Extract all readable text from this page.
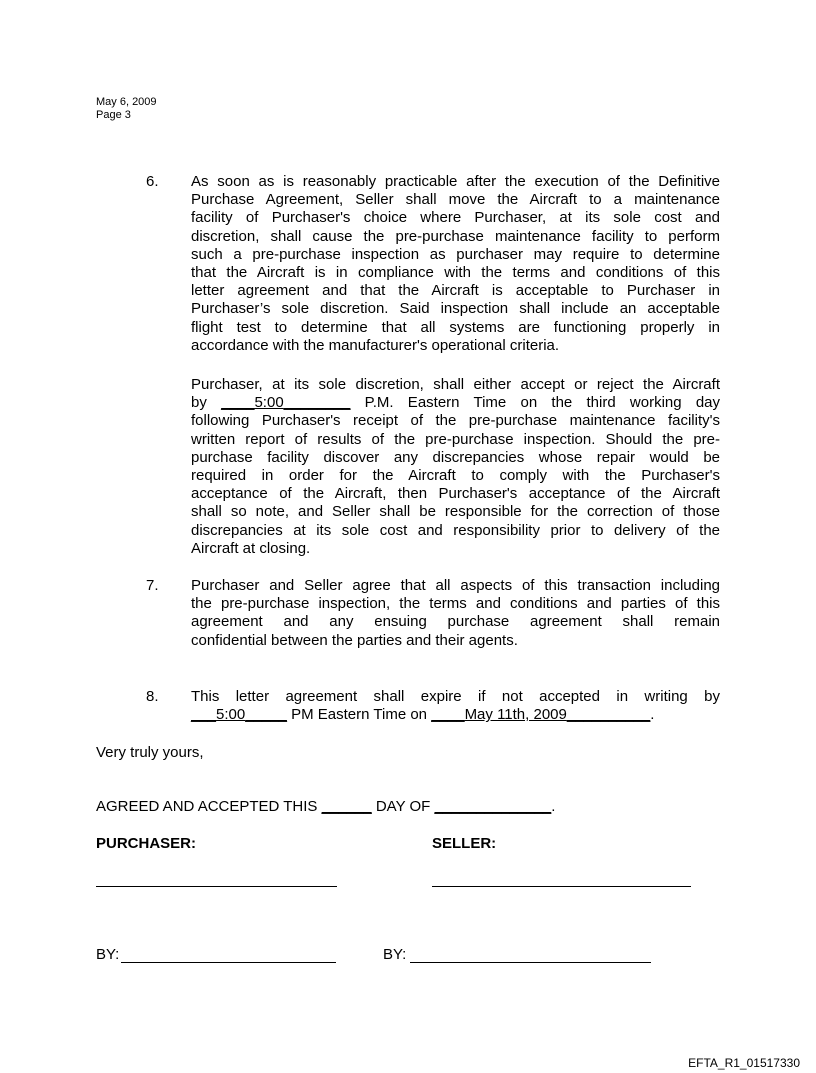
May 6, 2009
Page 3
6. As soon as is reasonably practicable after the execution of the Definitive
Purchase Agreement, Seller shall move the Aircraft to a maintenance
facility of Purchaser's choice where Purchaser, at its sole cost and
discretion, shall cause the pre-purchase maintenance facility to perform
such a pre-purchase inspection as purchaser may require to determine
that the Aircraft is in compliance with the terms and conditions of this
letter agreement and that the Aircraft is acceptable to Purchaser in
Purchaser’s sole discretion. Said inspection shall include an acceptable
flight test to determine that all systems are functioning properly in
accordance with the manufacturer's operational criteria.
Purchaser, at its sole discretion, shall either accept or reject the Aircraft
by ____5:00________ P.M. Eastern Time on the third working day
following Purchaser's receipt of the pre-purchase maintenance facility's
written report of results of the pre-purchase inspection. Should the pre-
purchase facility discover any discrepancies whose repair would be
required in order for the Aircraft to comply with the Purchaser's
acceptance of the Aircraft, then Purchaser's acceptance of the Aircraft
shall so note, and Seller shall be responsible for the correction of those
discrepancies at its sole cost and responsibility prior to delivery of the
Aircraft at closing.
7. Purchaser and Seller agree that all aspects of this transaction including
the pre-purchase inspection, the terms and conditions and parties of this
agreement and any ensuing purchase agreement shall remain
confidential between the parties and their agents.
8. This letter agreement shall expire if not accepted in writing by
___5:00_____ PM Eastern Time on ____May 11th, 2009__________.
Very truly yours,
AGREED AND ACCEPTED THIS ______ DAY OF ______________.
PURCHASER:	SELLER:
BY:	BY:
EFTA_R1_01517330
